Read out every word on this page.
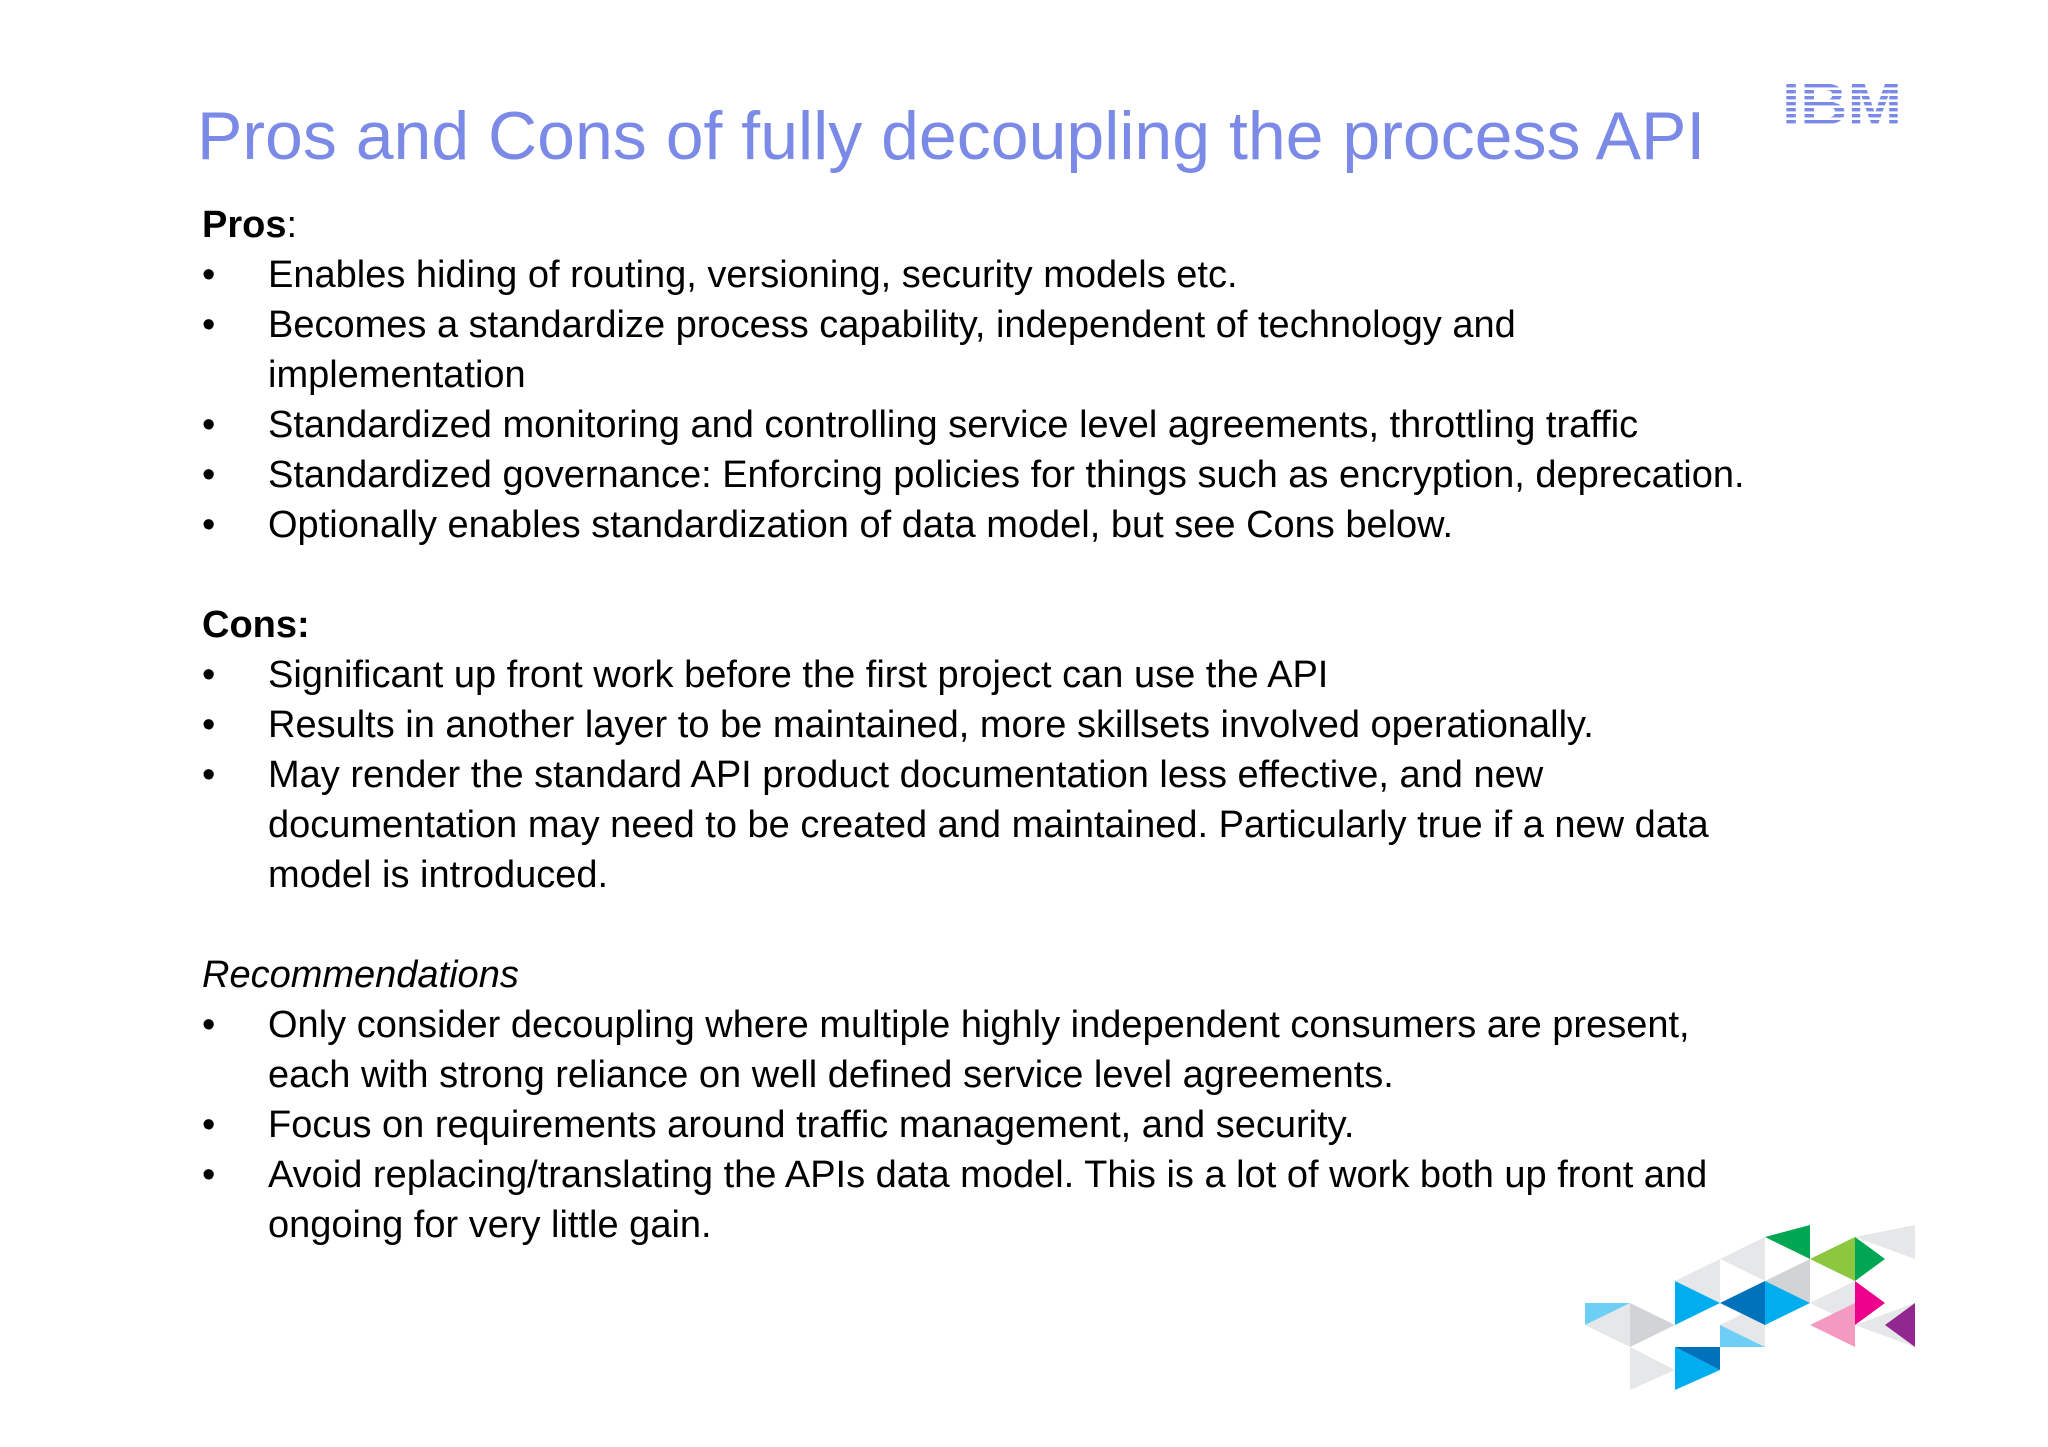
Pros and Cons of fully decoupling the process API
Pros:
• Enables hiding of routing, versioning, security models etc.
• Becomes a standardize process capability, independent of technology and implementation
• Standardized monitoring and controlling service level agreements, throttling traffic
• Standardized governance: Enforcing policies for things such as encryption, deprecation.
• Optionally enables standardization of data model, but see Cons below.
Cons:
• Significant up front work before the first project can use the API
• Results in another layer to be maintained, more skillsets involved operationally.
• May render the standard API product documentation less effective, and new documentation may need to be created and maintained. Particularly true if a new data model is introduced.
Recommendations
• Only consider decoupling where multiple highly independent consumers are present, each with strong reliance on well defined service level agreements.
• Focus on requirements around traffic management, and security.
• Avoid replacing/translating the APIs data model. This is a lot of work both up front and ongoing for very little gain.
